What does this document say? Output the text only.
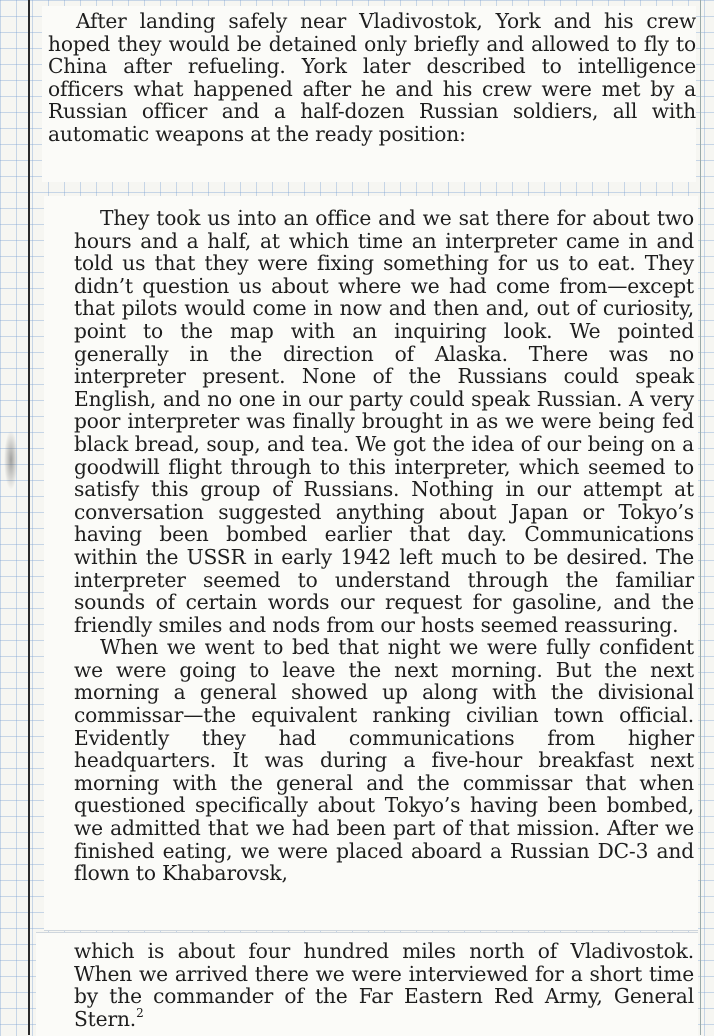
After landing safely near Vladivostok, York and his crew hoped they would be detained only briefly and allowed to fly to China after refueling. York later described to intelligence officers what happened after he and his crew were met by a Russian officer and a half-dozen Russian soldiers, all with automatic weapons at the ready position:

They took us into an office and we sat there for about two hours and a half, at which time an interpreter came in and told us that they were fixing something for us to eat. They didn’t question us about where we had come from—except that pilots would come in now and then and, out of curiosity, point to the map with an inquiring look. We pointed generally in the direction of Alaska. There was no interpreter present. None of the Russians could speak English, and no one in our party could speak Russian. A very poor interpreter was finally brought in as we were being fed black bread, soup, and tea. We got the idea of our being on a goodwill flight through to this interpreter, which seemed to satisfy this group of Russians. Nothing in our attempt at conversation suggested anything about Japan or Tokyo’s having been bombed earlier that day. Communications within the USSR in early 1942 left much to be desired. The interpreter seemed to understand through the familiar sounds of certain words our request for gasoline, and the friendly smiles and nods from our hosts seemed reassuring.

When we went to bed that night we were fully confident we were going to leave the next morning. But the next morning a general showed up along with the divisional commissar—the equivalent ranking civilian town official. Evidently they had communications from higher headquarters. It was during a five-hour breakfast next morning with the general and the commissar that when questioned specifically about Tokyo’s having been bombed, we admitted that we had been part of that mission. After we finished eating, we were placed aboard a Russian DC-3 and flown to Khabarovsk,

which is about four hundred miles north of Vladivostok. When we arrived there we were interviewed for a short time by the commander of the Far Eastern Red Army, General Stern.$^2$
